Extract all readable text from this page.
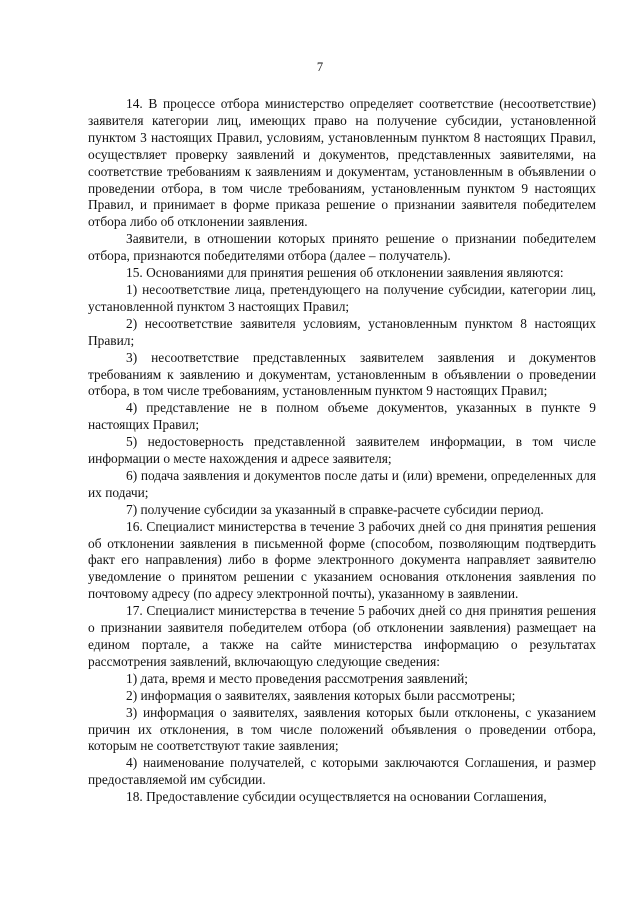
7

14. В процессе отбора министерство определяет соответствие (несоответствие) заявителя категории лиц, имеющих право на получение субсидии, установленной пунктом 3 настоящих Правил, условиям, установленным пунктом 8 настоящих Правил, осуществляет проверку заявлений и документов, представленных заявителями, на соответствие требованиям к заявлениям и документам, установленным в объявлении о проведении отбора, в том числе требованиям, установленным пунктом 9 настоящих Правил, и принимает в форме приказа решение о признании заявителя победителем отбора либо об отклонении заявления.

Заявители, в отношении которых принято решение о признании победителем отбора, признаются победителями отбора (далее – получатель).

15. Основаниями для принятия решения об отклонении заявления являются:

1) несоответствие лица, претендующего на получение субсидии, категории лиц, установленной пунктом 3 настоящих Правил;

2) несоответствие заявителя условиям, установленным пунктом 8 настоящих Правил;

3) несоответствие представленных заявителем заявления и документов требованиям к заявлению и документам, установленным в объявлении о проведении отбора, в том числе требованиям, установленным пунктом 9 настоящих Правил;

4) представление не в полном объеме документов, указанных в пункте 9 настоящих Правил;

5) недостоверность представленной заявителем информации, в том числе информации о месте нахождения и адресе заявителя;

6) подача заявления и документов после даты и (или) времени, определенных для их подачи;

7) получение субсидии за указанный в справке-расчете субсидии период.

16. Специалист министерства в течение 3 рабочих дней со дня принятия решения об отклонении заявления в письменной форме (способом, позволяющим подтвердить факт его направления) либо в форме электронного документа направляет заявителю уведомление о принятом решении с указанием основания отклонения заявления по почтовому адресу (по адресу электронной почты), указанному в заявлении.

17. Специалист министерства в течение 5 рабочих дней со дня принятия решения о признании заявителя победителем отбора (об отклонении заявления) размещает на едином портале, а также на сайте министерства информацию о результатах рассмотрения заявлений, включающую следующие сведения:

1) дата, время и место проведения рассмотрения заявлений;

2) информация о заявителях, заявления которых были рассмотрены;

3) информация о заявителях, заявления которых были отклонены, с указанием причин их отклонения, в том числе положений объявления о проведении отбора, которым не соответствуют такие заявления;

4) наименование получателей, с которыми заключаются Соглашения, и размер предоставляемой им субсидии.

18. Предоставление субсидии осуществляется на основании Соглашения,
